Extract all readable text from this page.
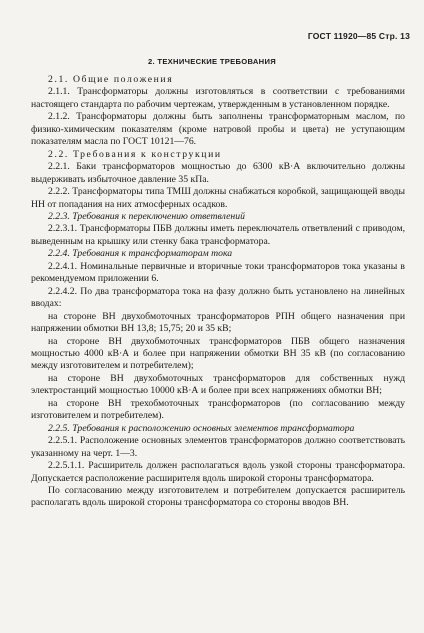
ГОСТ 11920—85 Стр. 13
2. ТЕХНИЧЕСКИЕ ТРЕБОВАНИЯ

2.1. Общие положения

2.1.1. Трансформаторы должны изготовляться в соответствии с требованиями настоящего стандарта по рабочим чертежам, утвержденным в установленном порядке.

2.1.2. Трансформаторы должны быть заполнены трансформаторным маслом, по физико-химическим показателям (кроме натровой пробы и цвета) не уступающим показателям масла по ГОСТ 10121—76.

2.2. Требования к конструкции

2.2.1. Баки трансформаторов мощностью до 6300 кВ·А включительно должны выдерживать избыточное давление 35 кПа.

2.2.2. Трансформаторы типа ТМШ должны снабжаться коробкой, защищающей вводы НН от попадания на них атмосферных осадков.

2.2.3. Требования к переключению ответвлений

2.2.3.1. Трансформаторы ПБВ должны иметь переключатель ответвлений с приводом, выведенным на крышку или стенку бака трансформатора.

2.2.4. Требования к трансформаторам тока

2.2.4.1. Номинальные первичные и вторичные токи трансформаторов тока указаны в рекомендуемом приложении 6.

2.2.4.2. По два трансформатора тока на фазу должно быть установлено на линейных вводах:

на стороне ВН двухобмоточных трансформаторов РПН общего назначения при напряжении обмотки ВН 13,8; 15,75; 20 и 35 кВ;

на стороне ВН двухобмоточных трансформаторов ПБВ общего назначения мощностью 4000 кВ·А и более при напряжении обмотки ВН 35 кВ (по согласованию между изготовителем и потребителем);

на стороне ВН двухобмоточных трансформаторов для собственных нужд электростанций мощностью 10000 кВ·А и более при всех напряжениях обмотки ВН;

на стороне ВН трехобмоточных трансформаторов (по согласованию между изготовителем и потребителем).

2.2.5. Требования к расположению основных элементов трансформатора

2.2.5.1. Расположение основных элементов трансформаторов должно соответствовать указанному на черт. 1—3.

2.2.5.1.1. Расширитель должен располагаться вдоль узкой стороны трансформатора. Допускается расположение расширителя вдоль широкой стороны трансформатора.

По согласованию между изготовителем и потребителем допускается расширитель располагать вдоль широкой стороны трансформатора со стороны вводов ВН.
